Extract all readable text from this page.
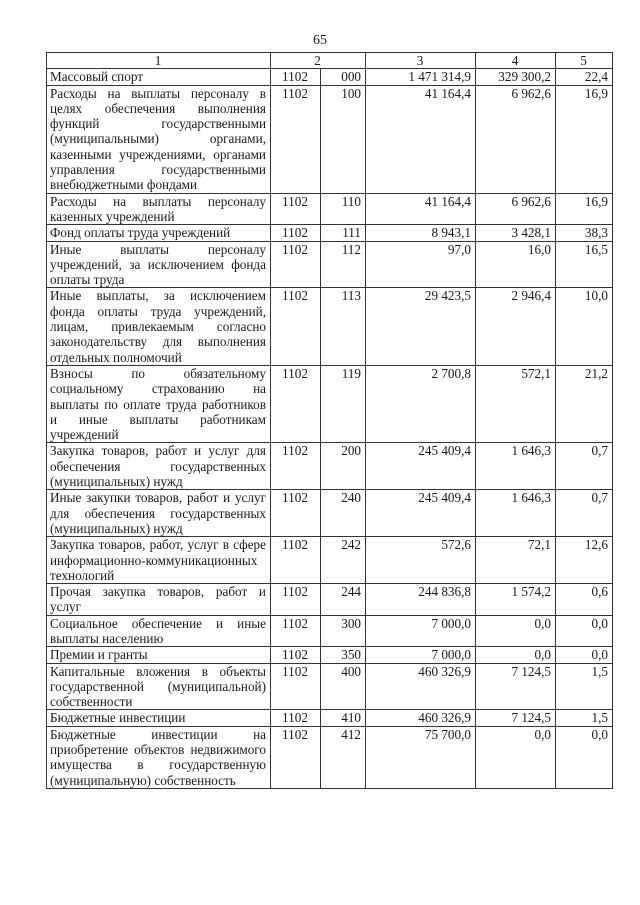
65
1	2		3	4	5
Массовый спорт	1102	000	1 471 314,9	329 300,2	22,4
Расходы на выплаты персоналу в целях обеспечения выполнения функций государственными (муниципальными) органами, казенными учреждениями, органами управления государственными внебюджетными фондами	1102	100	41 164,4	6 962,6	16,9
Расходы на выплаты персоналу казенных учреждений	1102	110	41 164,4	6 962,6	16,9
Фонд оплаты труда учреждений	1102	111	8 943,1	3 428,1	38,3
Иные выплаты персоналу учреждений, за исключением фонда оплаты труда	1102	112	97,0	16,0	16,5
Иные выплаты, за исключением фонда оплаты труда учреждений, лицам, привлекаемым согласно законодательству для выполнения отдельных полномочий	1102	113	29 423,5	2 946,4	10,0
Взносы по обязательному социальному страхованию на выплаты по оплате труда работников и иные выплаты работникам учреждений	1102	119	2 700,8	572,1	21,2
Закупка товаров, работ и услуг для обеспечения государственных (муниципальных) нужд	1102	200	245 409,4	1 646,3	0,7
Иные закупки товаров, работ и услуг для обеспечения государственных (муниципальных) нужд	1102	240	245 409,4	1 646,3	0,7
Закупка товаров, работ, услуг в сфере информационно-коммуникационных технологий	1102	242	572,6	72,1	12,6
Прочая закупка товаров, работ и услуг	1102	244	244 836,8	1 574,2	0,6
Социальное обеспечение и иные выплаты населению	1102	300	7 000,0	0,0	0,0
Премии и гранты	1102	350	7 000,0	0,0	0,0
Капитальные вложения в объекты государственной (муниципальной) собственности	1102	400	460 326,9	7 124,5	1,5
Бюджетные инвестиции	1102	410	460 326,9	7 124,5	1,5
Бюджетные инвестиции на приобретение объектов недвижимого имущества в государственную (муниципальную) собственность	1102	412	75 700,0	0,0	0,0
